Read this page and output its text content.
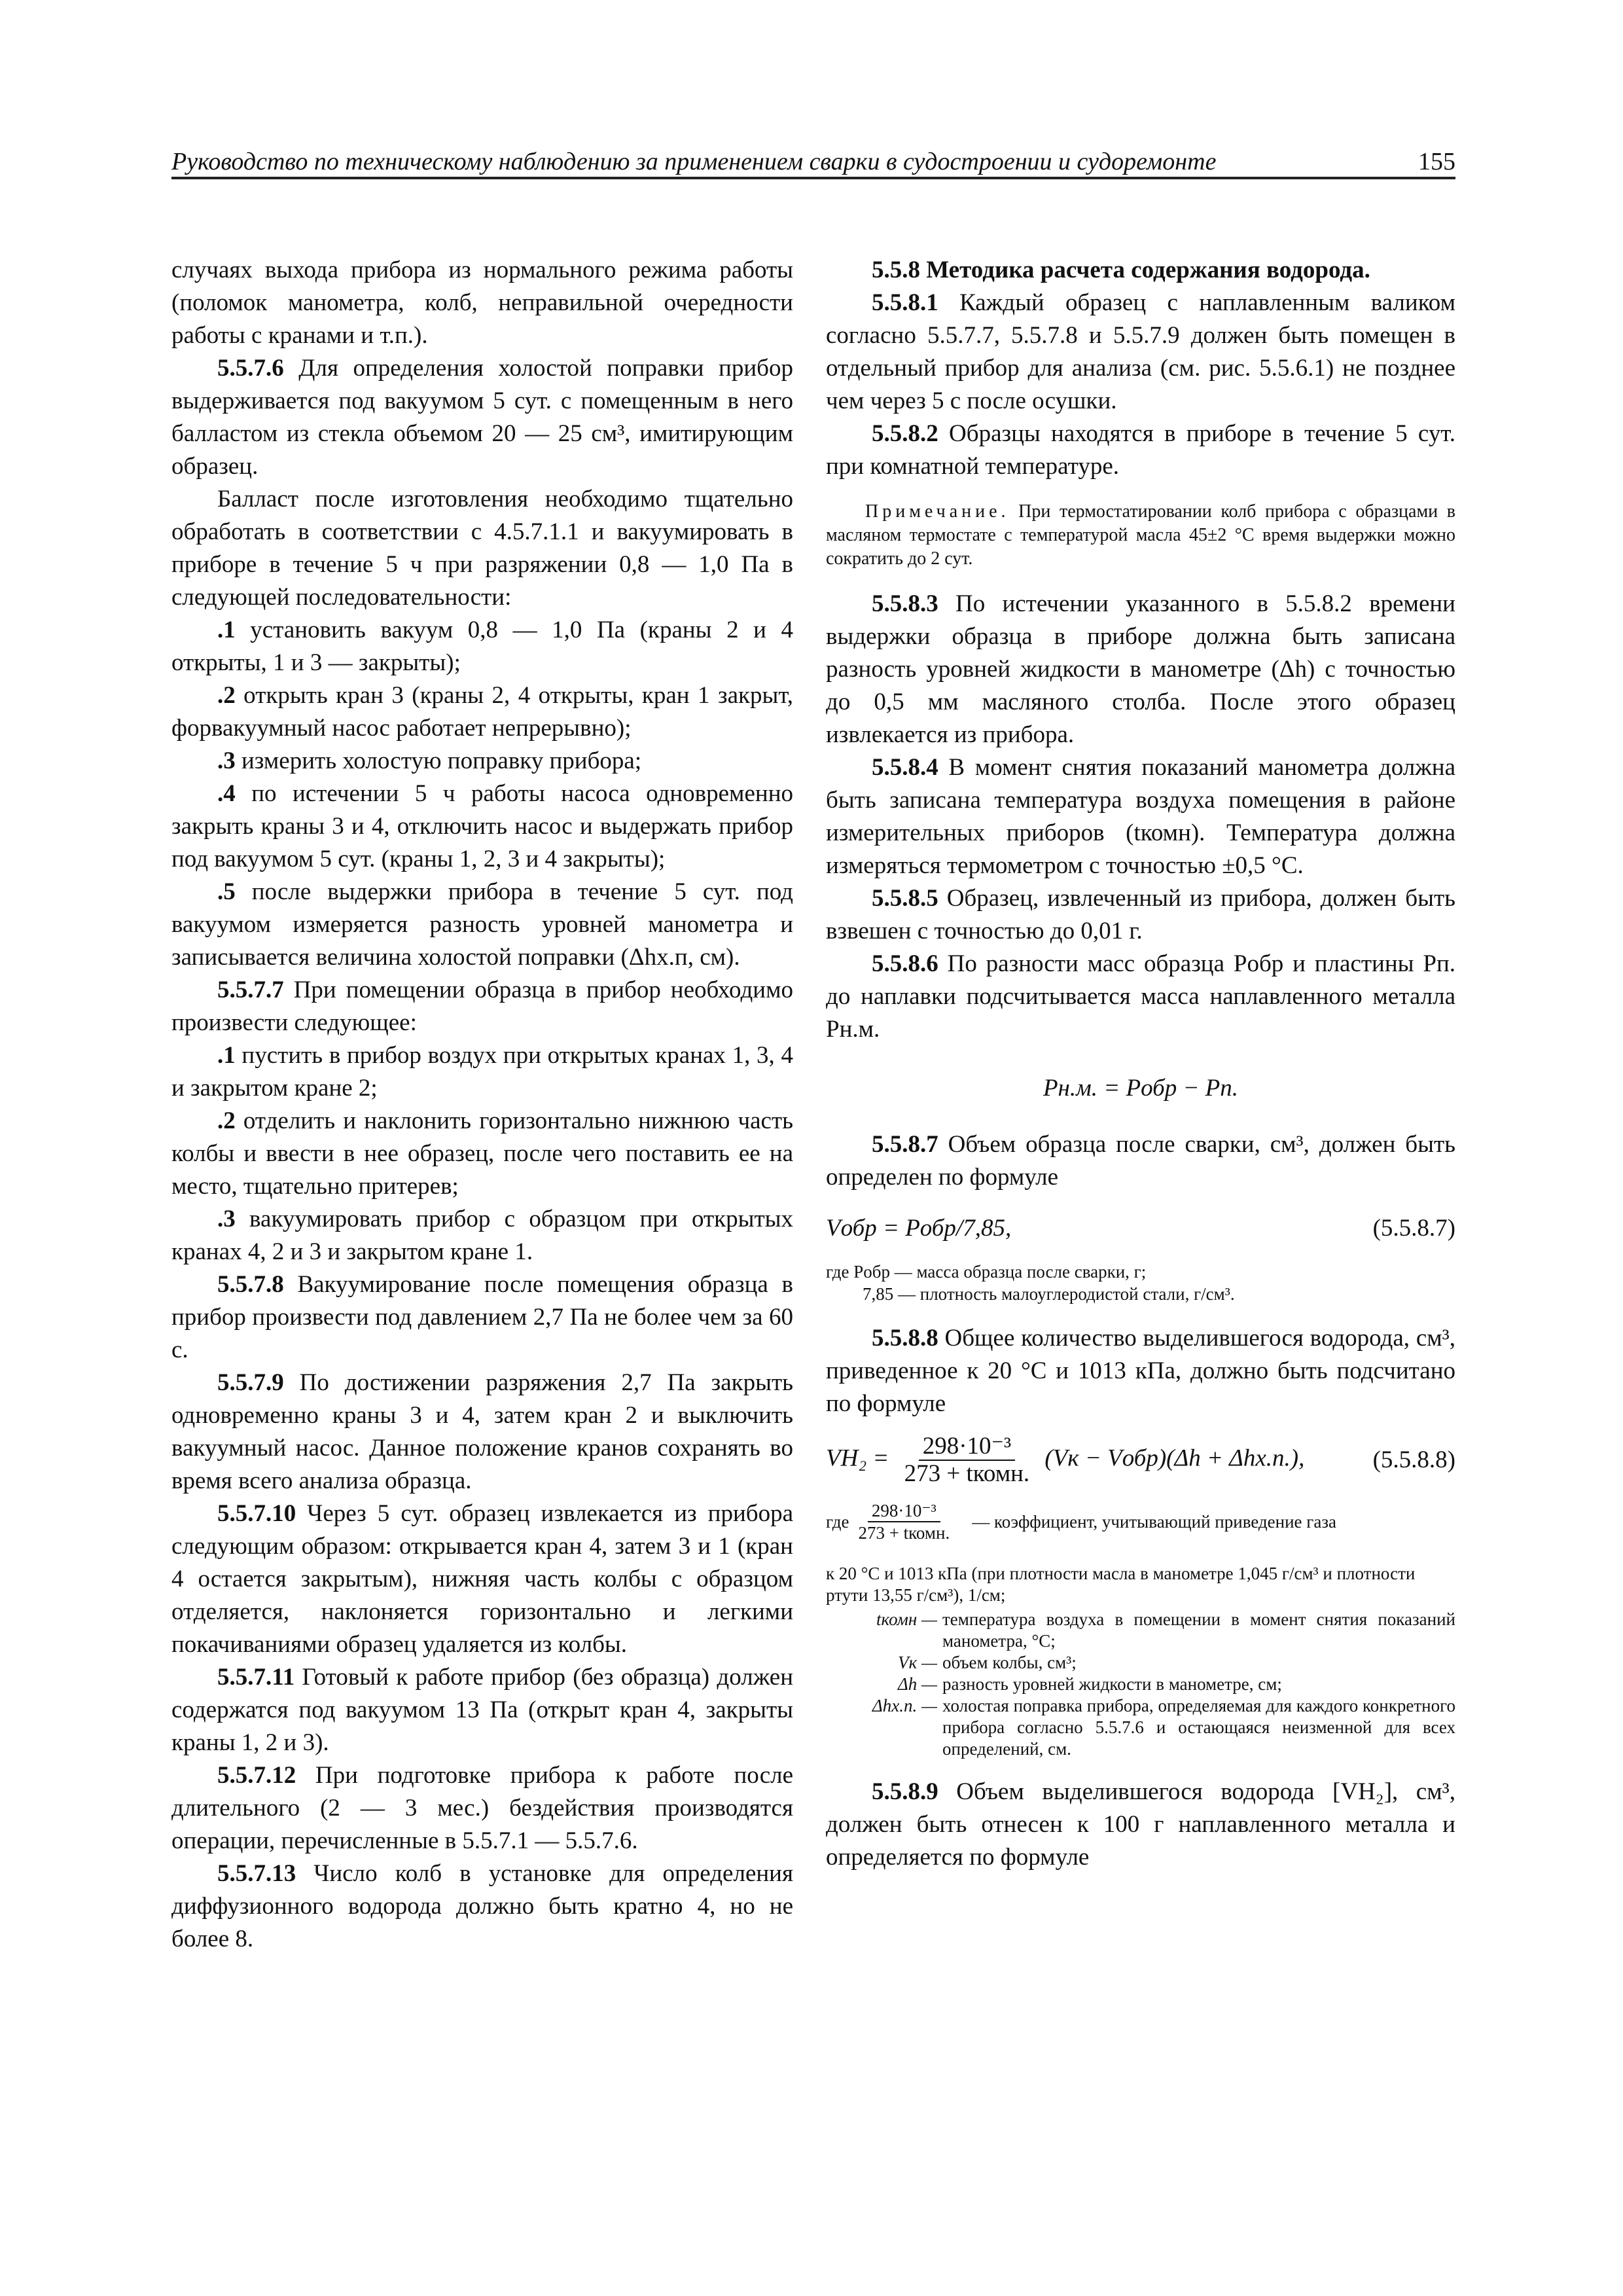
Руководство по техническому наблюдению за применением сварки в судостроении и судоремонте	155

случаях выхода прибора из нормального режима работы (поломок манометра, колб, неправильной очередности работы с кранами и т.п.).

5.5.7.6 Для определения холостой поправки прибор выдерживается под вакуумом 5 сут. с помещенным в него балластом из стекла объемом 20 — 25 см³, имитирующим образец.

Балласт после изготовления необходимо тщательно обработать в соответствии с 4.5.7.1.1 и вакуумировать в приборе в течение 5 ч при разряжении 0,8 — 1,0 Па в следующей последовательности:

.1 установить вакуум 0,8 — 1,0 Па (краны 2 и 4 открыты, 1 и 3 — закрыты);

.2 открыть кран 3 (краны 2, 4 открыты, кран 1 закрыт, форвакуумный насос работает непрерывно);

.3 измерить холостую поправку прибора;

.4 по истечении 5 ч работы насоса одновременно закрыть краны 3 и 4, отключить насос и выдержать прибор под вакуумом 5 сут. (краны 1, 2, 3 и 4 закрыты);

.5 после выдержки прибора в течение 5 сут. под вакуумом измеряется разность уровней манометра и записывается величина холостой поправки (Δhх.п, см).

5.5.7.7 При помещении образца в прибор необходимо произвести следующее:

.1 пустить в прибор воздух при открытых кранах 1, 3, 4 и закрытом кране 2;

.2 отделить и наклонить горизонтально нижнюю часть колбы и ввести в нее образец, после чего поставить ее на место, тщательно притерев;

.3 вакуумировать прибор с образцом при открытых кранах 4, 2 и 3 и закрытом кране 1.

5.5.7.8 Вакуумирование после помещения образца в прибор произвести под давлением 2,7 Па не более чем за 60 с.

5.5.7.9 По достижении разряжения 2,7 Па закрыть одновременно краны 3 и 4, затем кран 2 и выключить вакуумный насос. Данное положение кранов сохранять во время всего анализа образца.

5.5.7.10 Через 5 сут. образец извлекается из прибора следующим образом: открывается кран 4, затем 3 и 1 (кран 4 остается закрытым), нижняя часть колбы с образцом отделяется, наклоняется горизонтально и легкими покачиваниями образец удаляется из колбы.

5.5.7.11 Готовый к работе прибор (без образца) должен содержатся под вакуумом 13 Па (открыт кран 4, закрыты краны 1, 2 и 3).

5.5.7.12 При подготовке прибора к работе после длительного (2 — 3 мес.) бездействия производятся операции, перечисленные в 5.5.7.1 — 5.5.7.6.

5.5.7.13 Число колб в установке для определения диффузионного водорода должно быть кратно 4, но не более 8.

5.5.8 Методика расчета содержания водорода.

5.5.8.1 Каждый образец с наплавленным валиком согласно 5.5.7.7, 5.5.7.8 и 5.5.7.9 должен быть помещен в отдельный прибор для анализа (см. рис. 5.5.6.1) не позднее чем через 5 с после осушки.

5.5.8.2 Образцы находятся в приборе в течение 5 сут. при комнатной температуре.

Примечание. При термостатировании колб прибора с образцами в масляном термостате с температурой масла 45±2 °С время выдержки можно сократить до 2 сут.

5.5.8.3 По истечении указанного в 5.5.8.2 времени выдержки образца в приборе должна быть записана разность уровней жидкости в манометре (Δh) с точностью до 0,5 мм масляного столба. После этого образец извлекается из прибора.

5.5.8.4 В момент снятия показаний манометра должна быть записана температура воздуха помещения в районе измерительных приборов (tкомн). Температура должна измеряться термометром с точностью ±0,5 °С.

5.5.8.5 Образец, извлеченный из прибора, должен быть взвешен с точностью до 0,01 г.

5.5.8.6 По разности масс образца Pобр и пластины Pп. до наплавки подсчитывается масса наплавленного металла Pн.м.

Pн.м. = Pобр − Pп.

5.5.8.7 Объем образца после сварки, см³, должен быть определен по формуле

Vобр = Pобр/7,85,	(5.5.8.7)
где Pобр — масса образца после сварки, г;
7,85 — плотность малоуглеродистой стали, г/см³.

5.5.8.8 Общее количество выделившегося водорода, см³, приведенное к 20 °С и 1013 кПа, должно быть подсчитано по формуле

$VH_2 = \frac{\text{298·10⁻³}}{\text{273 + tкомн.}} (Vк$ − Vобр)(Δh + Δhх.п.),	(5.5.8.8)
где $\frac{\text{298·10⁻³}}{\text{273 + tкомн.}}$ — коэффициент, учитывающий приведение газа
к 20 °С и 1013 кПа (при плотности масла в манометре 1,045 г/см³ и плотности ртути 13,55 г/см³), 1/см;
tкомн — температура воздуха в помещении в момент снятия показаний манометра, °С;
Vк — объем колбы, см³;
Δh — разность уровней жидкости в манометре, см;
Δhх.п. — холостая поправка прибора, определяемая для каждого конкретного прибора согласно 5.5.7.6 и остающаяся неизменной для всех определений, см.

5.5.8.9 Объем выделившегося водорода [VH₂], см³, должен быть отнесен к 100 г наплавленного металла и определяется по формуле
